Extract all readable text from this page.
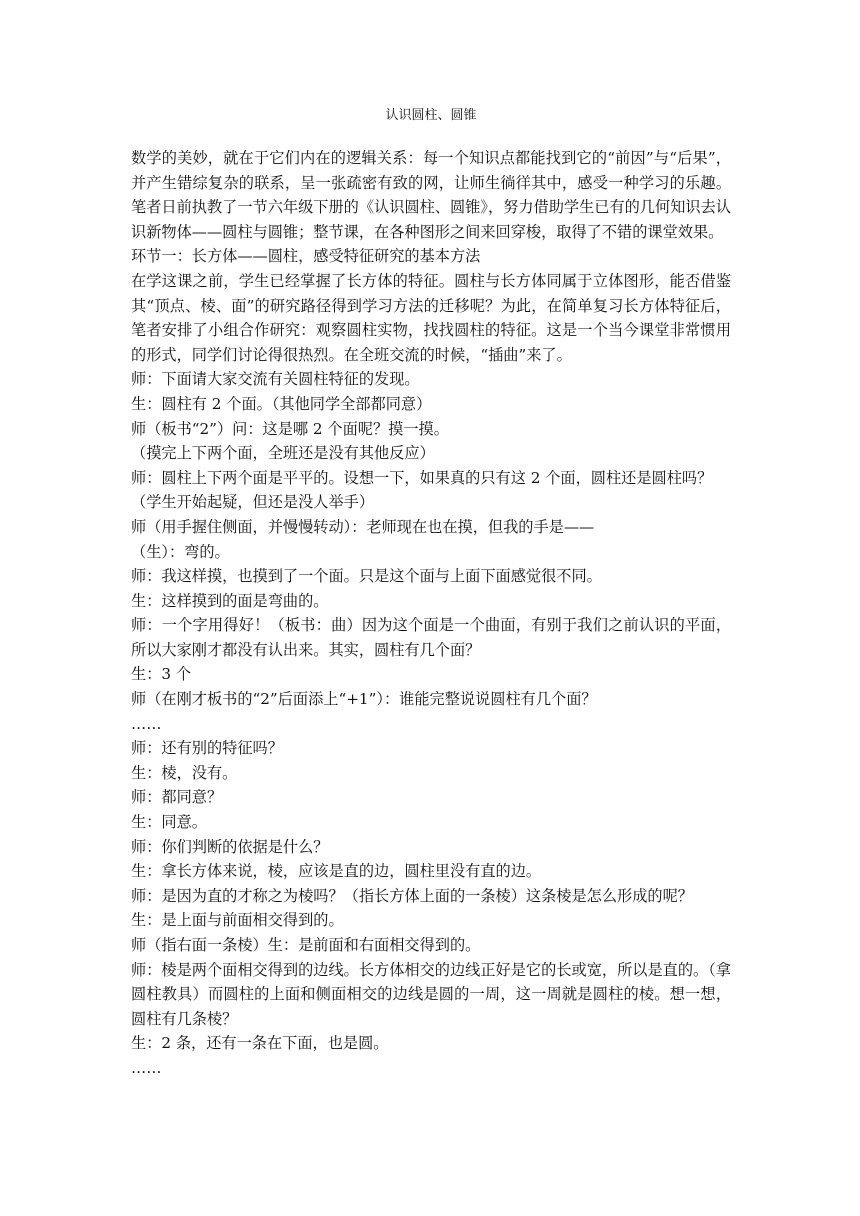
认识圆柱、圆锥

数学的美妙，就在于它们内在的逻辑关系：每一个知识点都能找到它的“前因”与“后果”，并产生错综复杂的联系，呈一张疏密有致的网，让师生徜徉其中，感受一种学习的乐趣。笔者日前执教了一节六年级下册的《认识圆柱、圆锥》，努力借助学生已有的几何知识去认识新物体——圆柱与圆锥；整节课，在各种图形之间来回穿梭，取得了不错的课堂效果。

环节一：长方体——圆柱，感受特征研究的基本方法

在学这课之前，学生已经掌握了长方体的特征。圆柱与长方体同属于立体图形，能否借鉴其“顶点、棱、面”的研究路径得到学习方法的迁移呢？为此，在简单复习长方体特征后，笔者安排了小组合作研究：观察圆柱实物，找找圆柱的特征。这是一个当今课堂非常惯用的形式，同学们讨论得很热烈。在全班交流的时候，“插曲”来了。

师：下面请大家交流有关圆柱特征的发现。

生：圆柱有 2 个面。（其他同学全部都同意）

师（板书“2”）问：这是哪 2 个面呢？摸一摸。

（摸完上下两个面，全班还是没有其他反应）

师：圆柱上下两个面是平平的。设想一下，如果真的只有这 2 个面，圆柱还是圆柱吗？

（学生开始起疑，但还是没人举手）

师（用手握住侧面，并慢慢转动）：老师现在也在摸，但我的手是——

（生）：弯的。

师：我这样摸，也摸到了一个面。只是这个面与上面下面感觉很不同。

生：这样摸到的面是弯曲的。

师：一个字用得好！（板书：曲）因为这个面是一个曲面，有别于我们之前认识的平面，所以大家刚才都没有认出来。其实，圆柱有几个面？

生：3 个

师（在刚才板书的“2”后面添上“+1”）：谁能完整说说圆柱有几个面？

……

师：还有别的特征吗？

生：棱，没有。

师：都同意？

生：同意。

师：你们判断的依据是什么？

生：拿长方体来说，棱，应该是直的边，圆柱里没有直的边。

师：是因为直的才称之为棱吗？（指长方体上面的一条棱）这条棱是怎么形成的呢？

生：是上面与前面相交得到的。

师（指右面一条棱）生：是前面和右面相交得到的。

师：棱是两个面相交得到的边线。长方体相交的边线正好是它的长或宽，所以是直的。（拿圆柱教具）而圆柱的上面和侧面相交的边线是圆的一周，这一周就是圆柱的棱。想一想，圆柱有几条棱？

生：2 条，还有一条在下面，也是圆。

……
